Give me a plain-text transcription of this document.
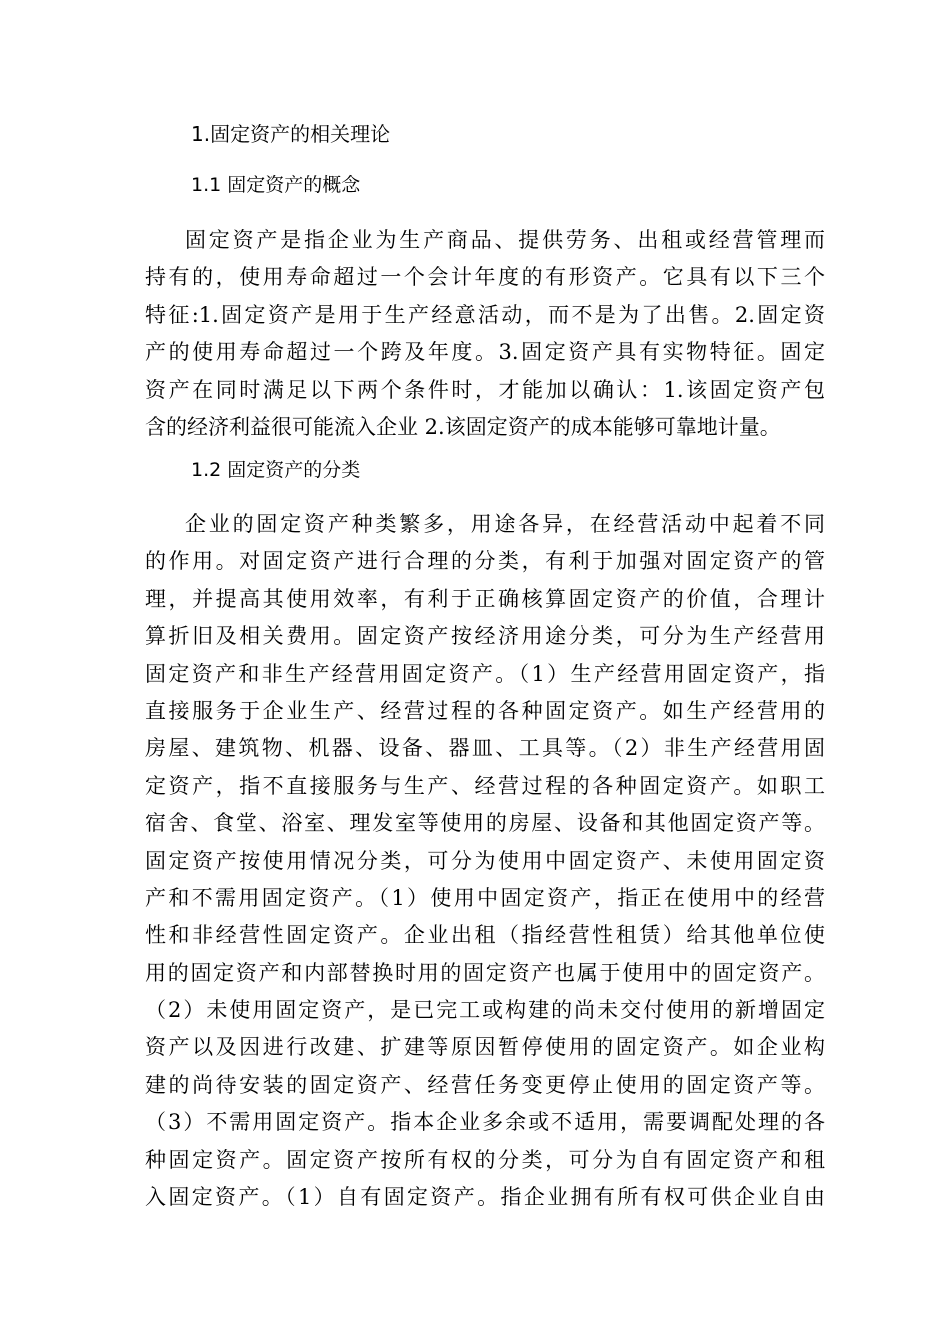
1.固定资产的相关理论
1.1 固定资产的概念
固定资产是指企业为生产商品、提供劳务、出租或经营管理而
持有的，使用寿命超过一个会计年度的有形资产。它具有以下三个
特征:1.固定资产是用于生产经意活动，而不是为了出售。2.固定资
产的使用寿命超过一个跨及年度。3.固定资产具有实物特征。固定
资产在同时满足以下两个条件时，才能加以确认：1.该固定资产包
含的经济利益很可能流入企业 2.该固定资产的成本能够可靠地计量。
1.2 固定资产的分类
企业的固定资产种类繁多，用途各异，在经营活动中起着不同
的作用。对固定资产进行合理的分类，有利于加强对固定资产的管
理，并提高其使用效率，有利于正确核算固定资产的价值，合理计
算折旧及相关费用。固定资产按经济用途分类，可分为生产经营用
固定资产和非生产经营用固定资产。（1）生产经营用固定资产，指
直接服务于企业生产、经营过程的各种固定资产。如生产经营用的
房屋、建筑物、机器、设备、器皿、工具等。（2）非生产经营用固
定资产，指不直接服务与生产、经营过程的各种固定资产。如职工
宿舍、食堂、浴室、理发室等使用的房屋、设备和其他固定资产等。
固定资产按使用情况分类，可分为使用中固定资产、未使用固定资
产和不需用固定资产。（1）使用中固定资产，指正在使用中的经营
性和非经营性固定资产。企业出租（指经营性租赁）给其他单位使
用的固定资产和内部替换时用的固定资产也属于使用中的固定资产。
（2）未使用固定资产，是已完工或构建的尚未交付使用的新增固定
资产以及因进行改建、扩建等原因暂停使用的固定资产。如企业构
建的尚待安装的固定资产、经营任务变更停止使用的固定资产等。
（3）不需用固定资产。指本企业多余或不适用，需要调配处理的各
种固定资产。固定资产按所有权的分类，可分为自有固定资产和租
入固定资产。（1）自有固定资产。指企业拥有所有权可供企业自由
